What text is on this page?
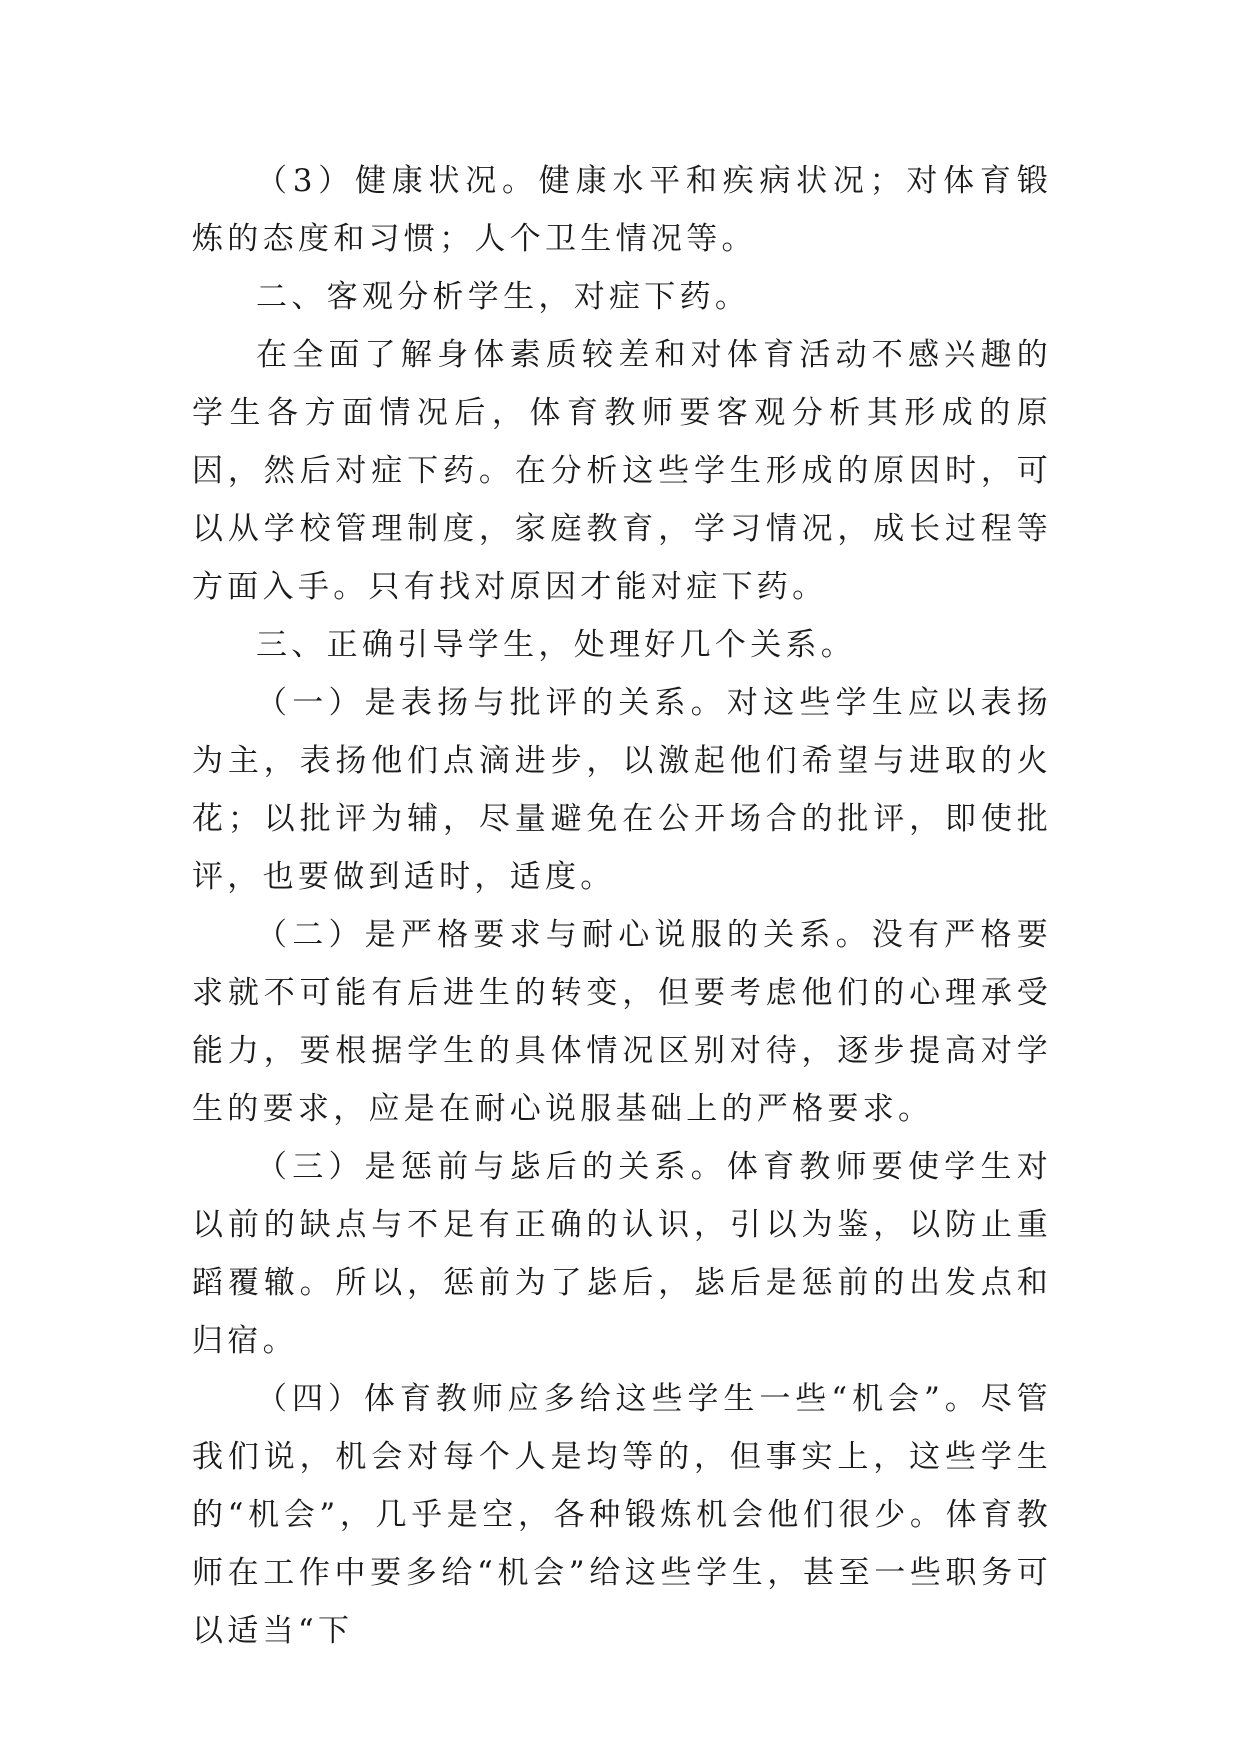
（3）健康状况。健康水平和疾病状况；对体育锻炼的态度和习惯；人个卫生情况等。

二、客观分析学生，对症下药。

在全面了解身体素质较差和对体育活动不感兴趣的学生各方面情况后，体育教师要客观分析其形成的原因，然后对症下药。在分析这些学生形成的原因时，可以从学校管理制度，家庭教育，学习情况，成长过程等方面入手。只有找对原因才能对症下药。

三、正确引导学生，处理好几个关系。

（一）是表扬与批评的关系。对这些学生应以表扬为主，表扬他们点滴进步，以激起他们希望与进取的火花；以批评为辅，尽量避免在公开场合的批评，即使批评，也要做到适时，适度。

（二）是严格要求与耐心说服的关系。没有严格要求就不可能有后进生的转变，但要考虑他们的心理承受能力，要根据学生的具体情况区别对待，逐步提高对学生的要求，应是在耐心说服基础上的严格要求。

（三）是惩前与毖后的关系。体育教师要使学生对以前的缺点与不足有正确的认识，引以为鉴，以防止重蹈覆辙。所以，惩前为了毖后，毖后是惩前的出发点和归宿。

（四）体育教师应多给这些学生一些“机会”。尽管我们说，机会对每个人是均等的，但事实上，这些学生的“机会”，几乎是空，各种锻炼机会他们很少。体育教师在工作中要多给“机会”给这些学生，甚至一些职务可以适当“下
